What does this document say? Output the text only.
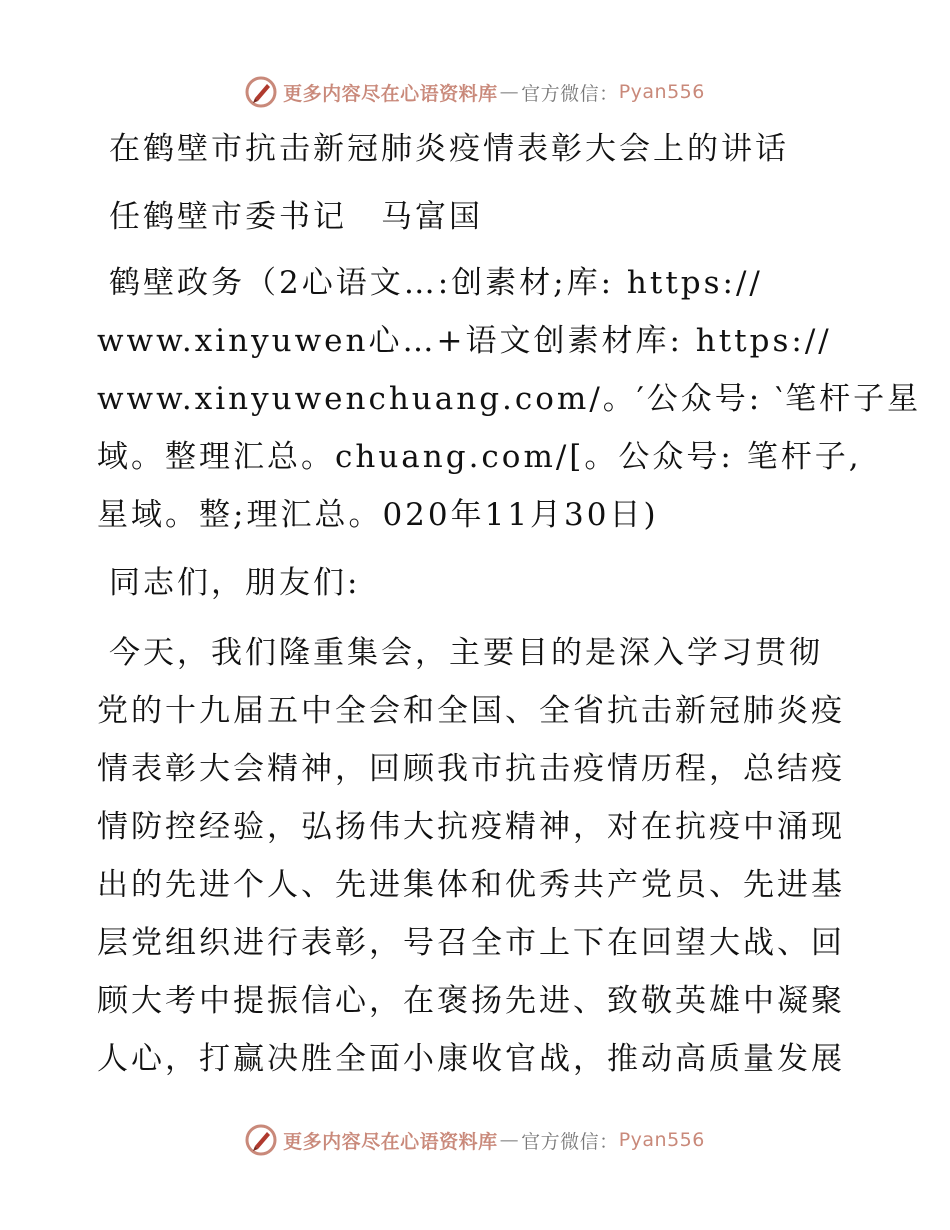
更多内容尽在心语资料库 — 官方微信： Pyan556
在鹤壁市抗击新冠肺炎疫情表彰大会上的讲话
任鹤壁市委书记　马富国
鹤壁政务（2心语文…:创素材;库: https://
www.xinyuwen心…+语文创素材库: https://
www.xinyuwenchuang.com/。′公众号: ‵笔杆子星
域。整理汇总。chuang.com/[。公众号: 笔杆子,
星域。整;理汇总。020年11月30日)
同志们，朋友们:
今天，我们隆重集会，主要目的是深入学习贯彻
党的十九届五中全会和全国、全省抗击新冠肺炎疫
情表彰大会精神，回顾我市抗击疫情历程，总结疫
情防控经验，弘扬伟大抗疫精神，对在抗疫中涌现
出的先进个人、先进集体和优秀共产党员、先进基
层党组织进行表彰，号召全市上下在回望大战、回
顾大考中提振信心，在褒扬先进、致敬英雄中凝聚
人心，打赢决胜全面小康收官战，推动高质量发展
更多内容尽在心语资料库 — 官方微信： Pyan556
